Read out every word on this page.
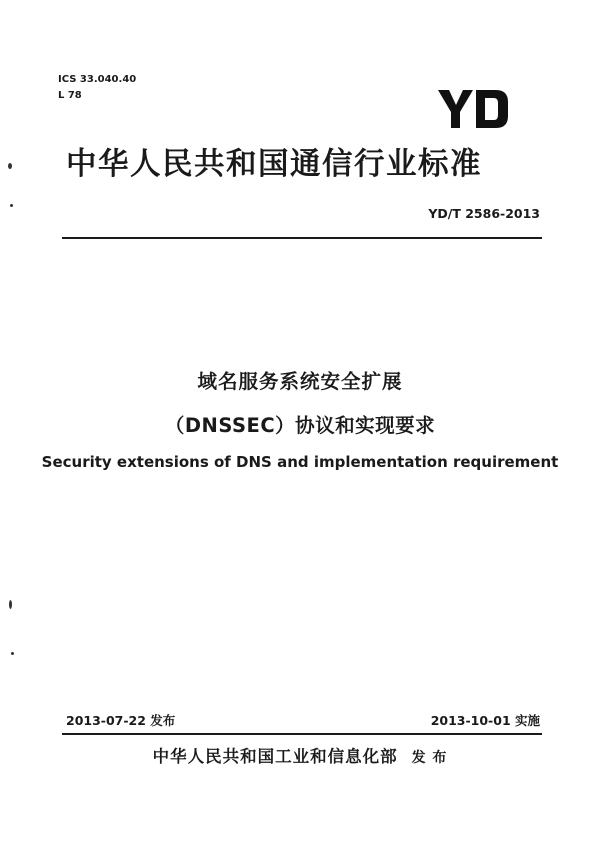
ICS 33.040.40
L 78
中华人民共和国通信行业标准
YD/T 2586-2013
域名服务系统安全扩展
（DNSSEC）协议和实现要求
Security extensions of DNS and implementation requirement
2013-07-22 发布	2013-10-01 实施
中华人民共和国工业和信息化部 发 布
